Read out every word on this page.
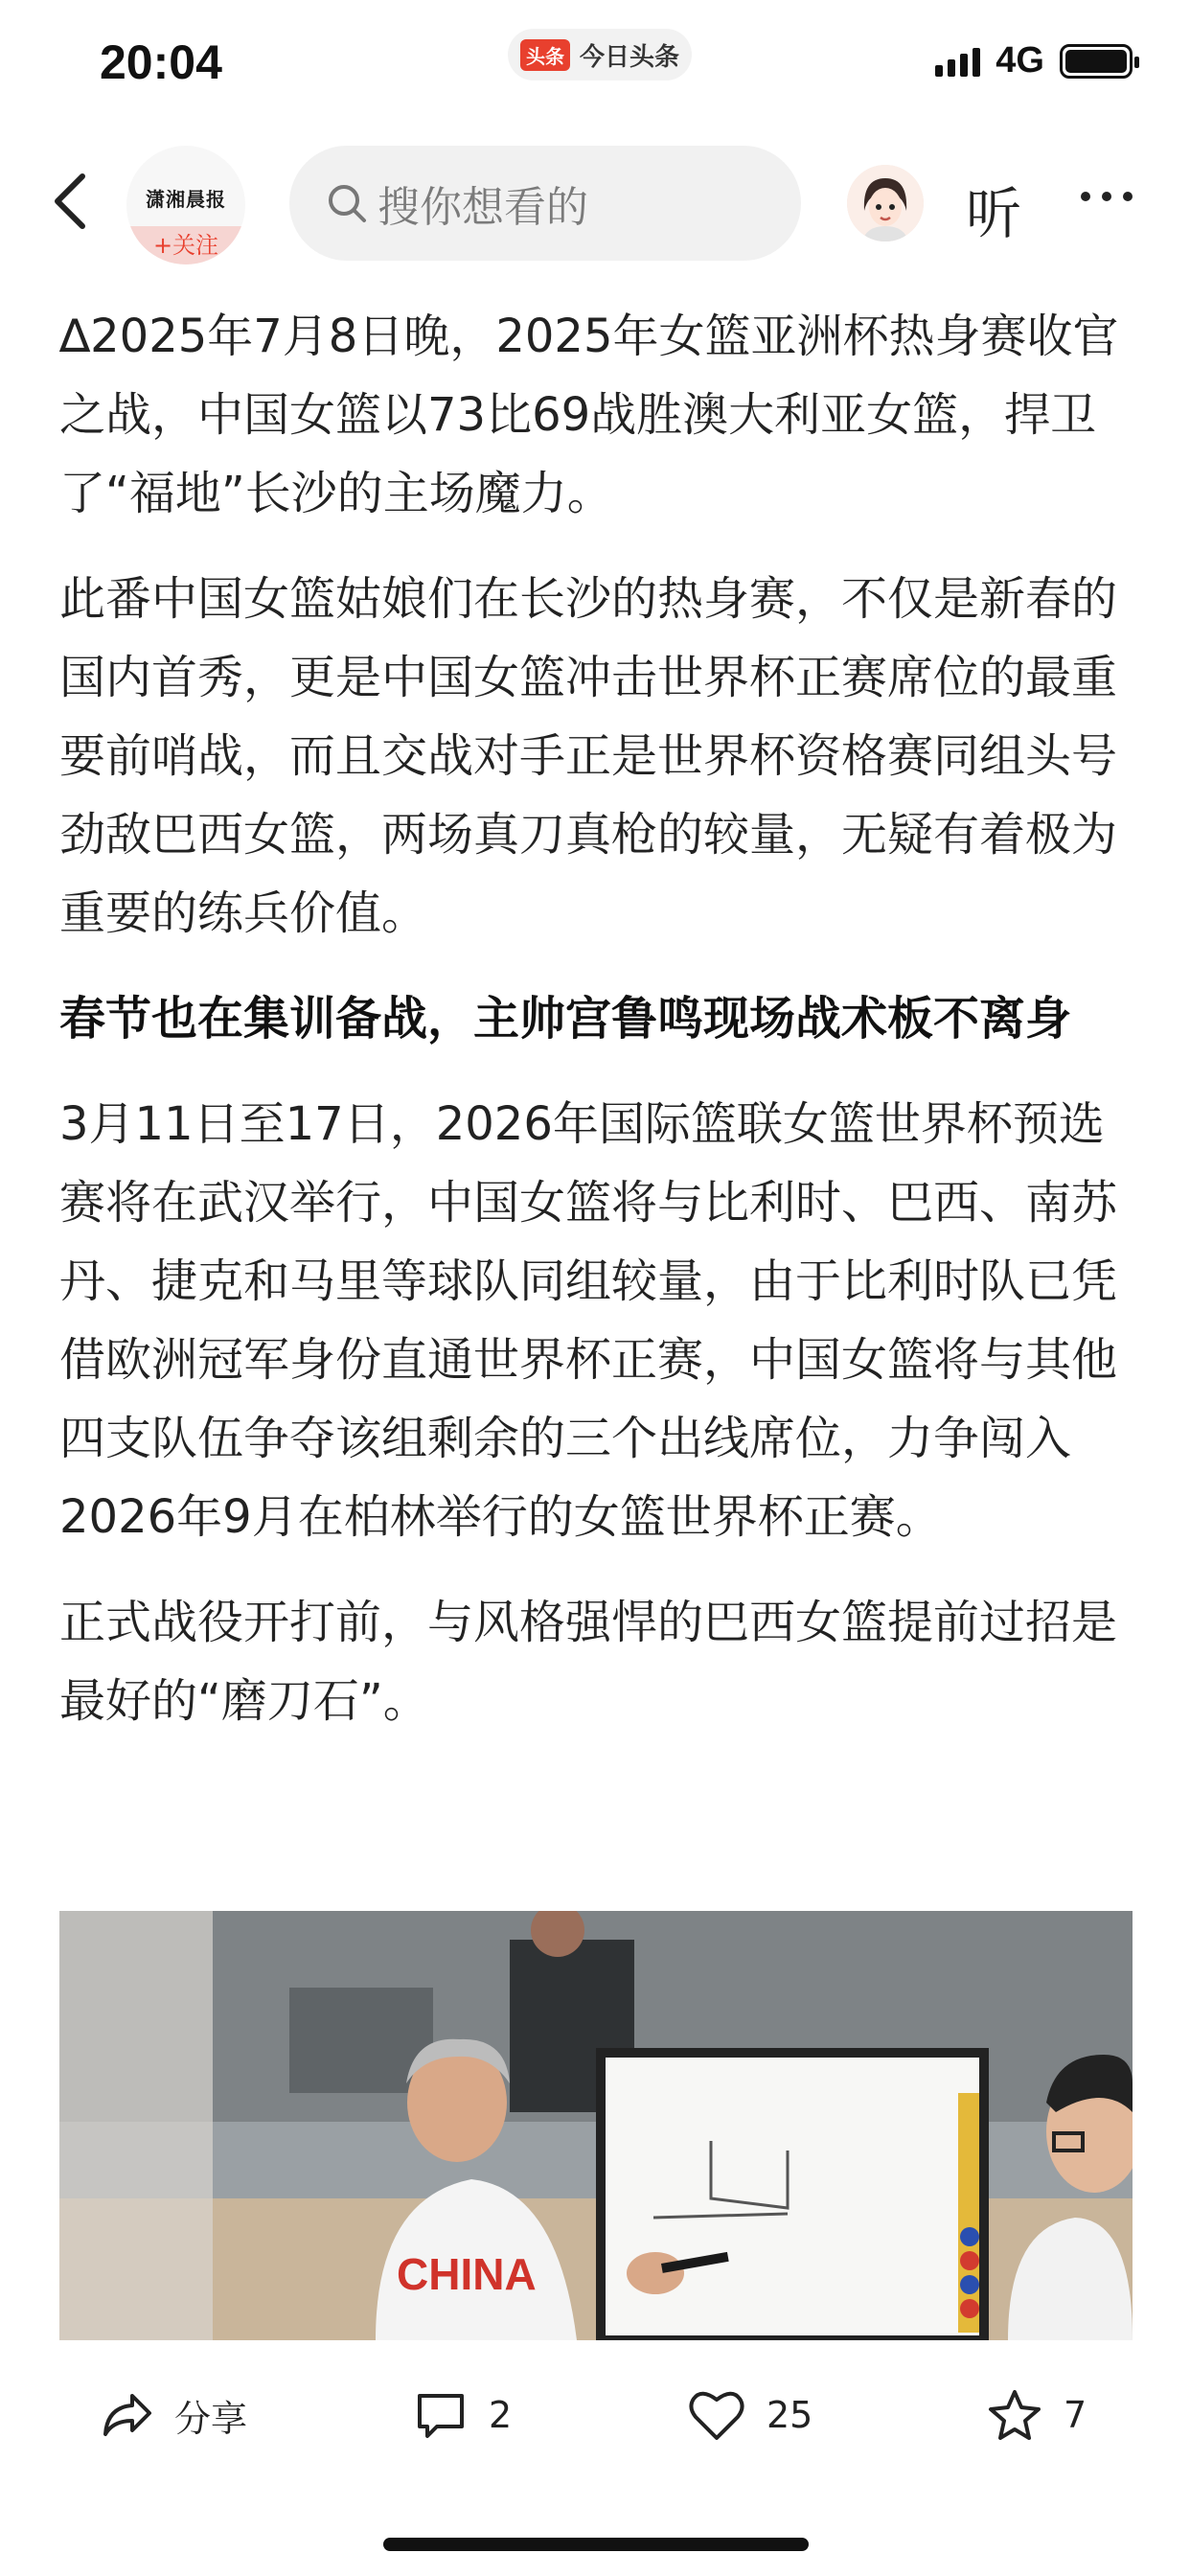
20:04	头条 今日头条	4G
潇湘晨报
+关注
搜你想看的	听

∆2025年7月8日晚，2025年女篮亚洲杯热身赛收官之战，中国女篮以73比69战胜澳大利亚女篮，捍卫了“福地”长沙的主场魔力。

此番中国女篮姑娘们在长沙的热身赛，不仅是新春的国内首秀，更是中国女篮冲击世界杯正赛席位的最重要前哨战，而且交战对手正是世界杯资格赛同组头号劲敌巴西女篮，两场真刀真枪的较量，无疑有着极为重要的练兵价值。

春节也在集训备战，主帅宫鲁鸣现场战术板不离身

3月11日至17日，2026年国际篮联女篮世界杯预选赛将在武汉举行，中国女篮将与比利时、巴西、南苏丹、捷克和马里等球队同组较量，由于比利时队已凭借欧洲冠军身份直通世界杯正赛，中国女篮将与其他四支队伍争夺该组剩余的三个出线席位，力争闯入2026年9月在柏林举行的女篮世界杯正赛。

正式战役开打前，与风格强悍的巴西女篮提前过招是最好的“磨刀石”。

CHINA
分享	2	25	7
